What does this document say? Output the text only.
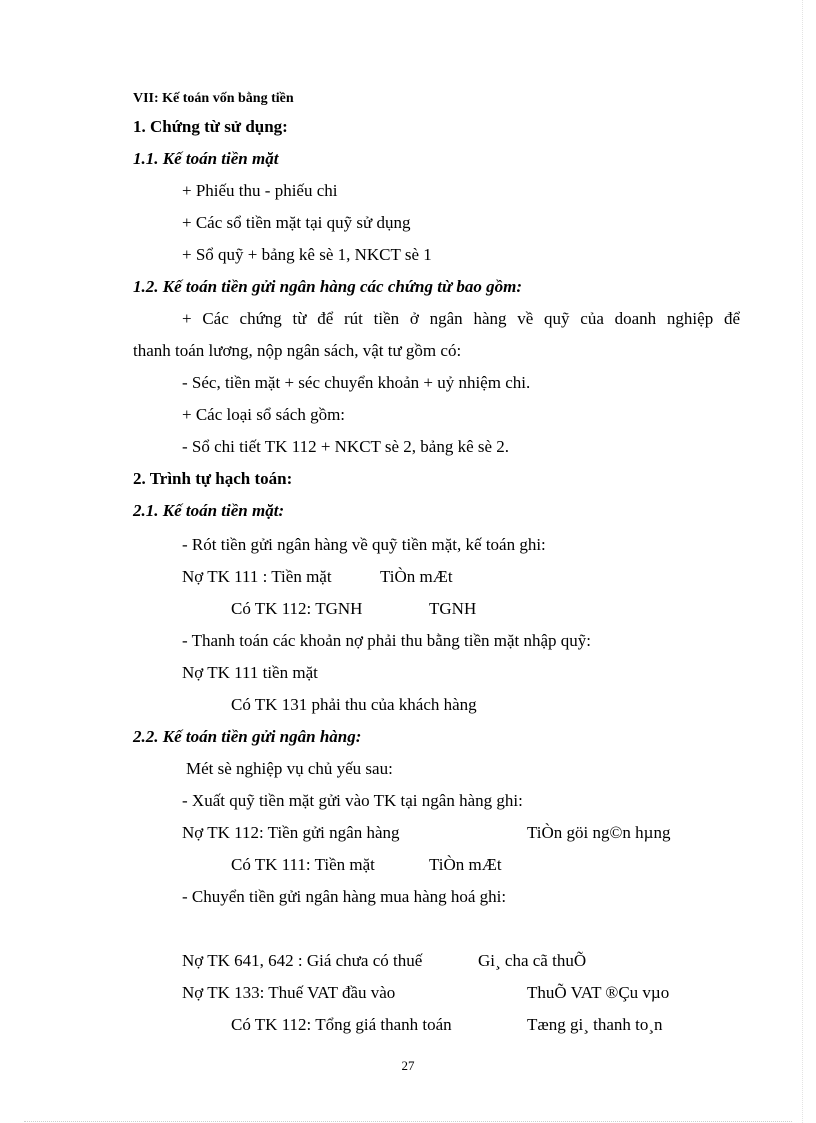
VII: Kế toán vốn bằng tiền
1. Chứng từ sử dụng:
1.1. Kế toán tiền mặt
+ Phiếu thu - phiếu chi
+ Các sổ tiền mặt tại quỹ sử dụng
+ Sổ quỹ + bảng kê sè 1, NKCT sè 1
1.2. Kế toán tiền gửi ngân hàng các chứng từ bao gồm:
+ Các chứng từ để rút tiền ở ngân hàng về quỹ của doanh nghiệp để
thanh toán lương, nộp ngân sách, vật tư gồm có:
- Séc, tiền mặt + séc chuyển khoản + uỷ nhiệm chi.
+ Các loại sổ sách gồm:
- Sổ chi tiết TK 112 + NKCT sè 2, bảng kê sè 2.
2. Trình tự hạch toán:
2.1. Kế toán tiền mặt:
- Rót tiền gửi ngân hàng về quỹ tiền mặt, kế toán ghi:
Nợ TK 111 : Tiền mặt	TiÒn mÆt
Có TK 112: TGNH	TGNH
- Thanh toán các khoản nợ phải thu bằng tiền mặt nhập quỹ:
Nợ TK 111 tiền mặt
Có TK 131 phải thu của khách hàng
2.2. Kế toán tiền gửi ngân hàng:
Mét sè nghiệp vụ chủ yếu sau:
- Xuất quỹ tiền mặt gửi vào TK tại ngân hàng ghi:
Nợ TK 112: Tiền gửi ngân hàng	TiÒn göi ng©n hµng
Có TK 111: Tiền mặt	TiÒn mÆt
- Chuyển tiền gửi ngân hàng mua hàng hoá ghi:
Nợ TK 641, 642 : Giá chưa có thuế	Gi¸ cha cã thuÕ
Nợ TK 133: Thuế VAT đầu vào	ThuÕ VAT ®Çu vµo
Có TK 112: Tổng giá thanh toán	Tæng gi¸ thanh to¸n
27
